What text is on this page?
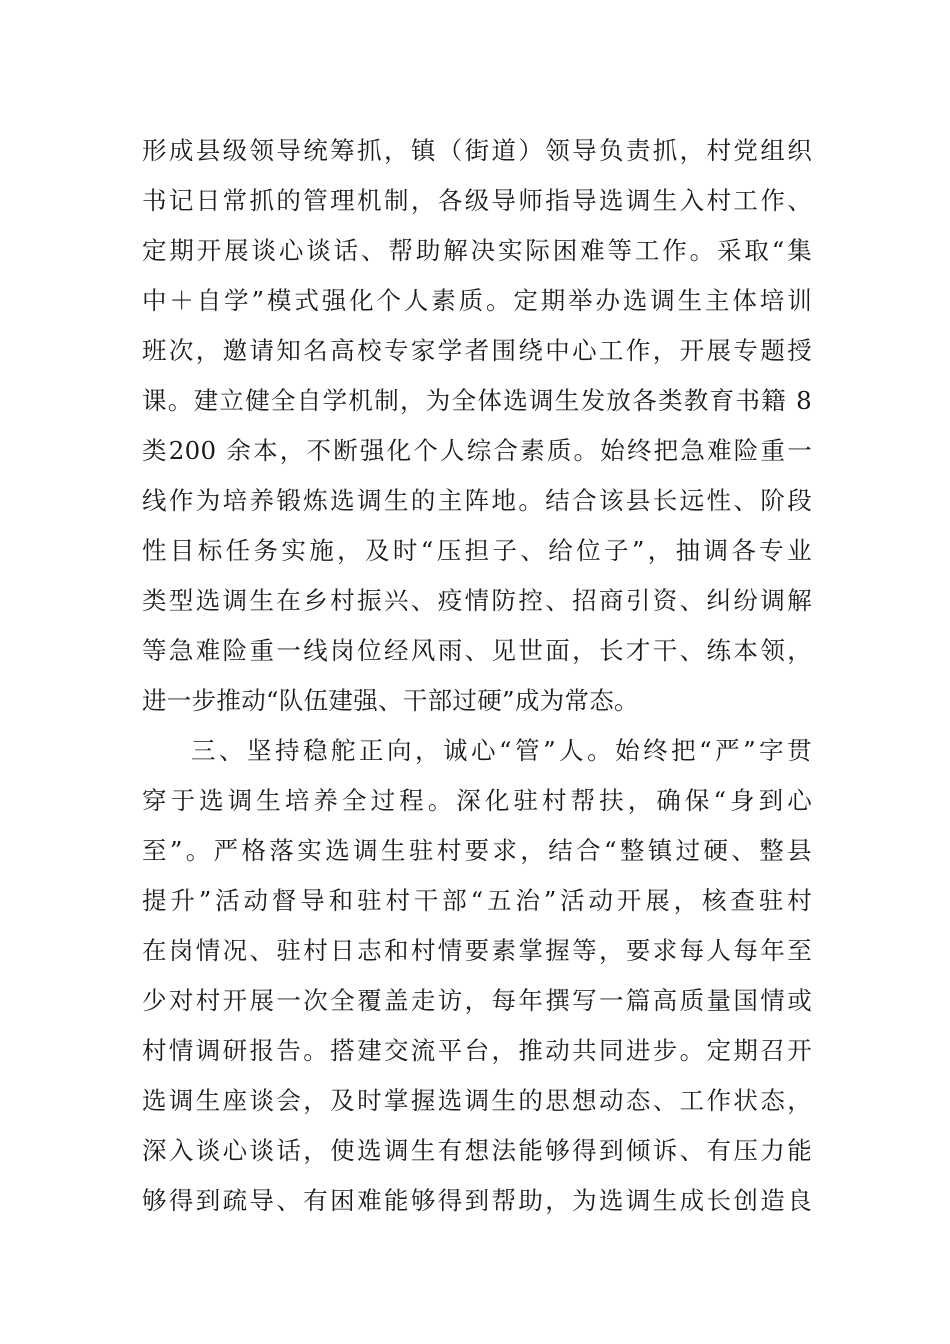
形成县级领导统筹抓，镇（街道）领导负责抓，村党组织
书记日常抓的管理机制，各级导师指导选调生入村工作、
定期开展谈心谈话、帮助解决实际困难等工作。采取“集
中＋自学”模式强化个人素质。定期举办选调生主体培训
班次，邀请知名高校专家学者围绕中心工作，开展专题授
课。建立健全自学机制，为全体选调生发放各类教育书籍 8
类200 余本，不断强化个人综合素质。始终把急难险重一
线作为培养锻炼选调生的主阵地。结合该县长远性、阶段
性目标任务实施，及时“压担子、给位子”，抽调各专业
类型选调生在乡村振兴、疫情防控、招商引资、纠纷调解
等急难险重一线岗位经风雨、见世面，长才干、练本领，
进一步推动“队伍建强、干部过硬”成为常态。
三、坚持稳舵正向，诚心“管”人。始终把“严”字贯
穿于选调生培养全过程。深化驻村帮扶，确保“身到心
至”。严格落实选调生驻村要求，结合“整镇过硬、整县
提升”活动督导和驻村干部“五治”活动开展，核查驻村
在岗情况、驻村日志和村情要素掌握等，要求每人每年至
少对村开展一次全覆盖走访，每年撰写一篇高质量国情或
村情调研报告。搭建交流平台，推动共同进步。定期召开
选调生座谈会，及时掌握选调生的思想动态、工作状态，
深入谈心谈话，使选调生有想法能够得到倾诉、有压力能
够得到疏导、有困难能够得到帮助，为选调生成长创造良
